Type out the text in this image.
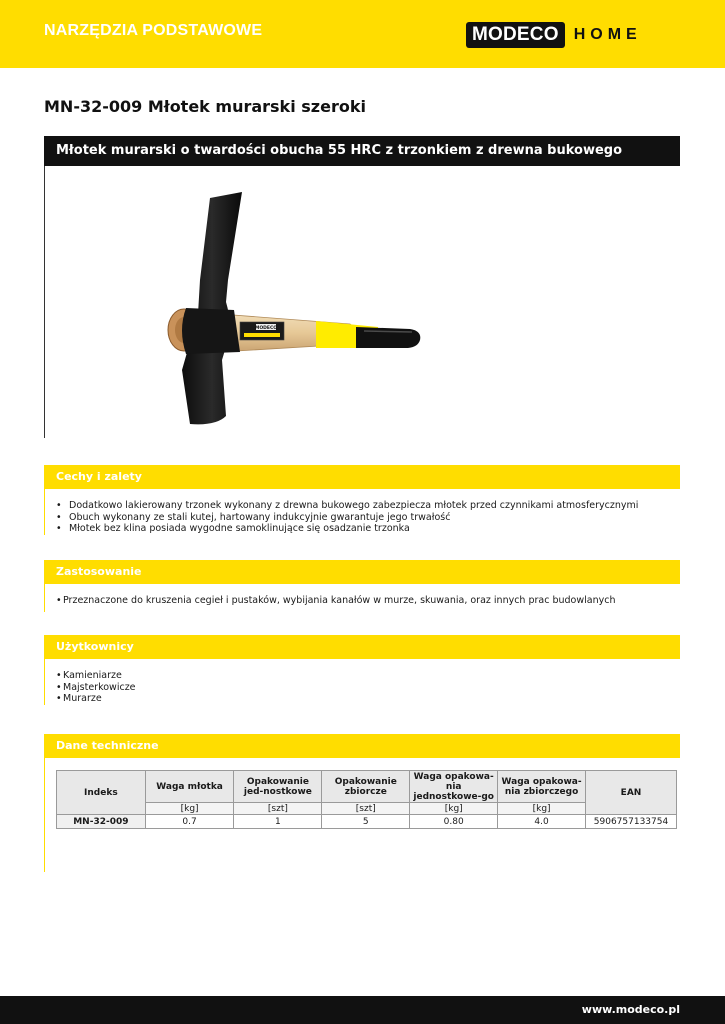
NARZĘDZIA PODSTAWOWE	MODECO HOME
MN-32-009 Młotek murarski szeroki
Młotek murarski o twardości obucha 55 HRC z trzonkiem z drewna bukowego
MODECO
Cechy i zalety
• Dodatkowo lakierowany trzonek wykonany z drewna bukowego zabezpiecza młotek przed czynnikami atmosferycznymi
• Obuch wykonany ze stali kutej, hartowany indukcyjnie gwarantuje jego trwałość
• Młotek bez klina posiada wygodne samoklinujące się osadzanie trzonka
Zastosowanie
• Przeznaczone do kruszenia cegieł i pustaków, wybijania kanałów w murze, skuwania, oraz innych prac budowlanych
Użytkownicy
• Kamieniarze
• Majsterkowicze
• Murarze
Dane techniczne
Indeks	Waga młotka	Opakowanie jed-nostkowe	Opakowanie zbiorcze	Waga opakowa-nia jednostkowe-go	Waga opakowa-nia zbiorczego	EAN
	[kg]	[szt]	[szt]	[kg]	[kg]	
MN-32-009	0.7	1	5	0.80	4.0	5906757133754
www.modeco.pl
